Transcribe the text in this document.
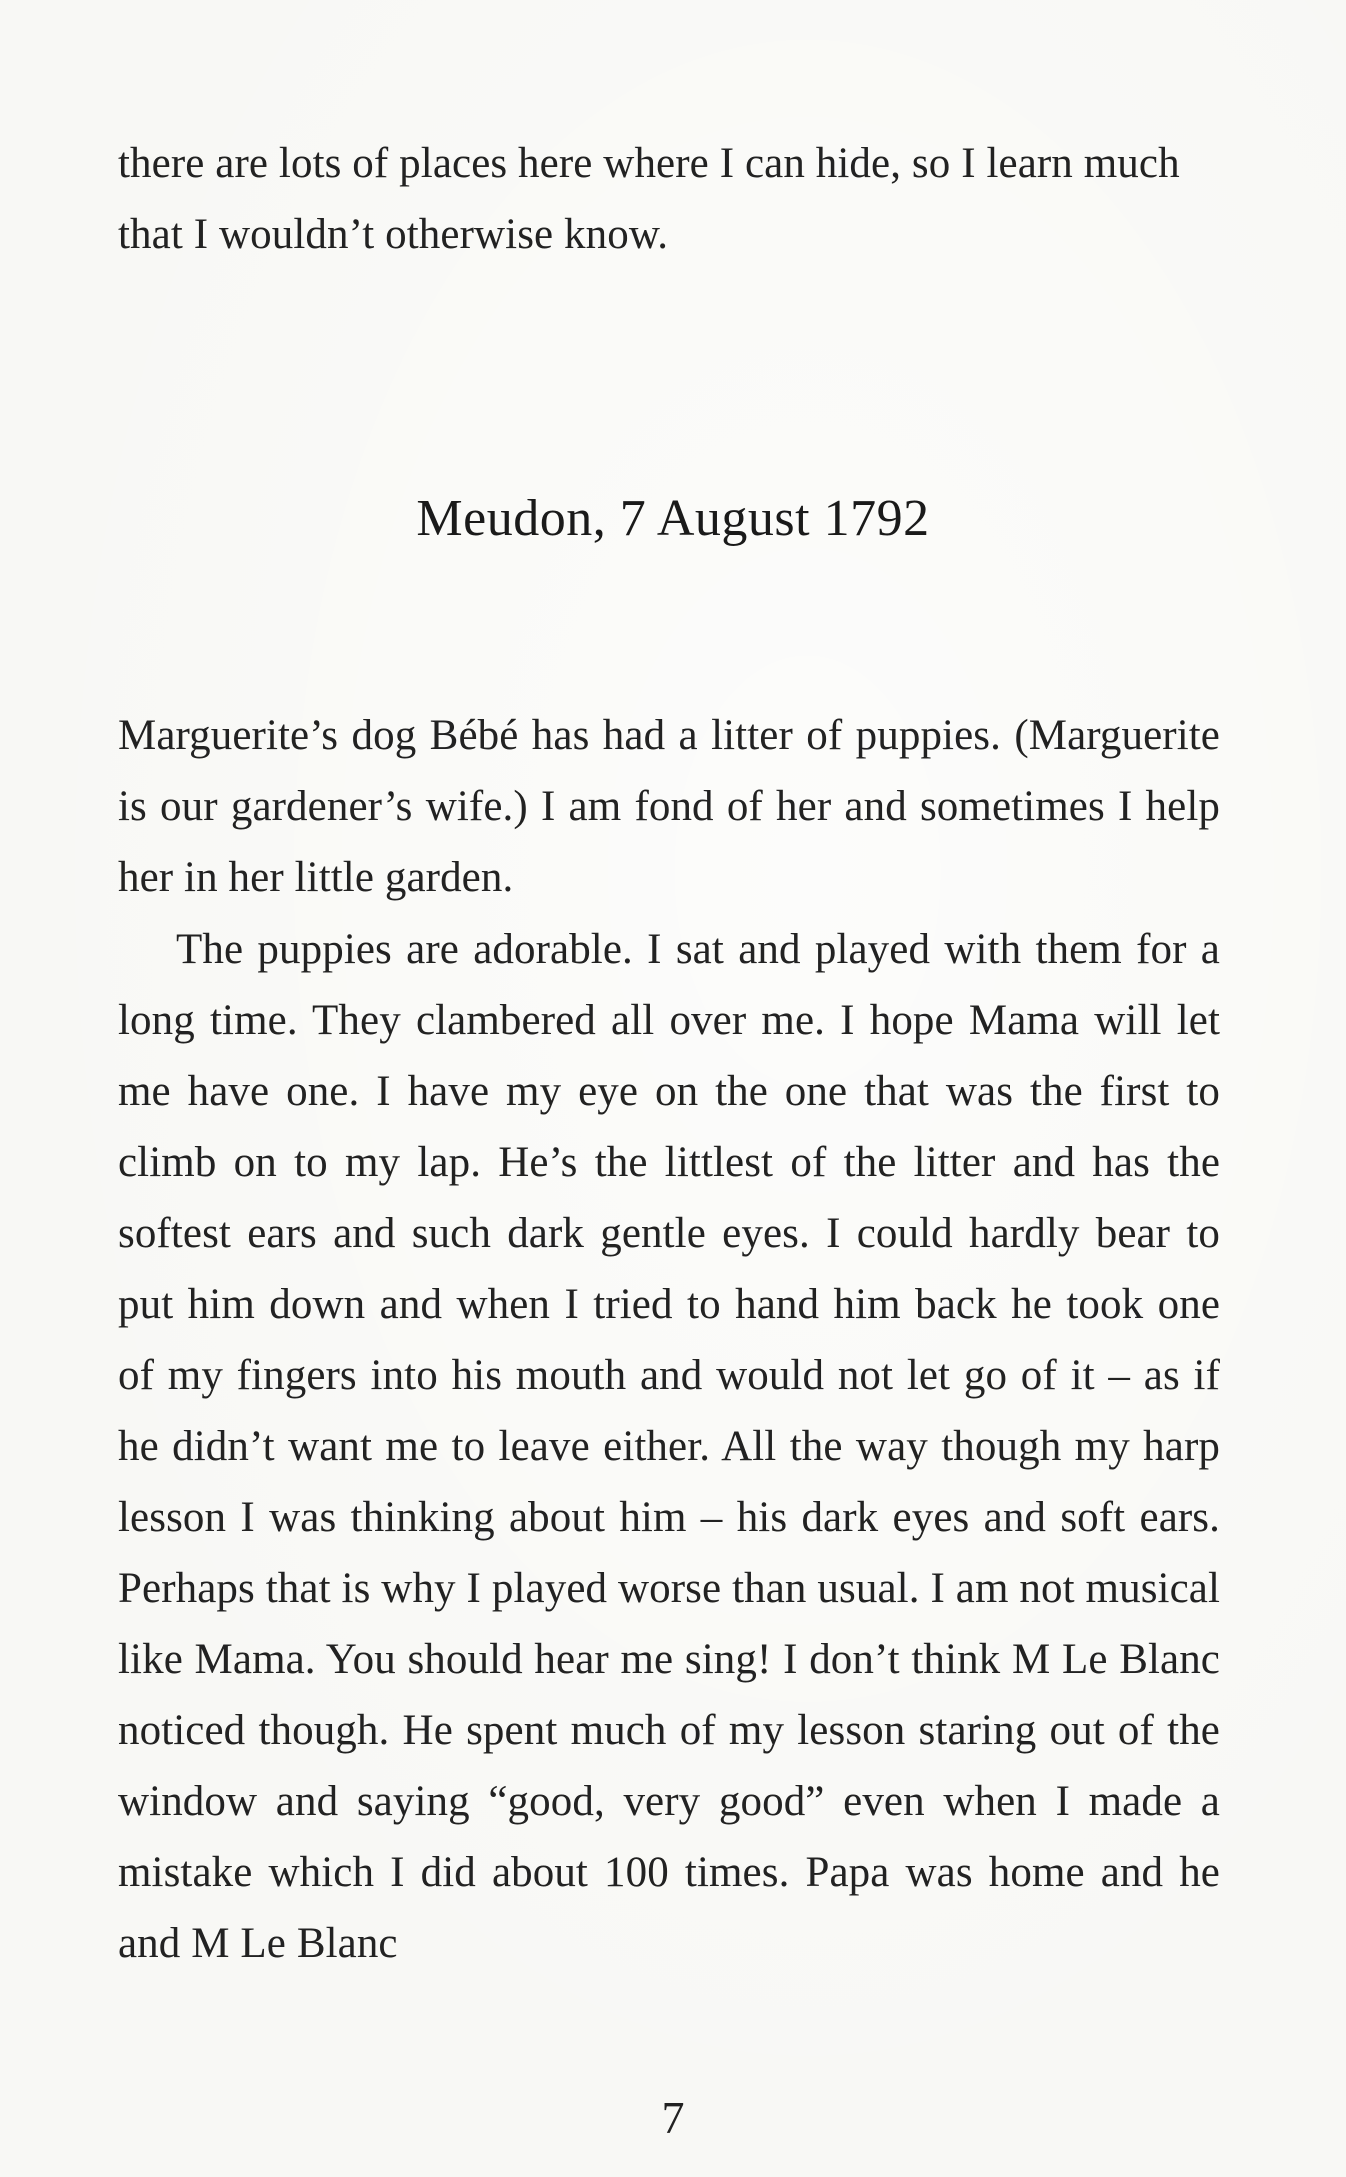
there are lots of places here where I can hide, so I learn much that I wouldn’t otherwise know.

Meudon, 7 August 1792

Marguerite’s dog Bébé has had a litter of puppies. (Marguerite is our gardener’s wife.) I am fond of her and sometimes I help her in her little garden.

The puppies are adorable. I sat and played with them for a long time. They clambered all over me. I hope Mama will let me have one. I have my eye on the one that was the first to climb on to my lap. He’s the littlest of the litter and has the softest ears and such dark gentle eyes. I could hardly bear to put him down and when I tried to hand him back he took one of my fingers into his mouth and would not let go of it – as if he didn’t want me to leave either. All the way though my harp lesson I was thinking about him – his dark eyes and soft ears. Perhaps that is why I played worse than usual. I am not musical like Mama. You should hear me sing! I don’t think M Le Blanc noticed though. He spent much of my lesson staring out of the window and saying “good, very good” even when I made a mistake which I did about 100 times. Papa was home and he and M Le Blanc

7
